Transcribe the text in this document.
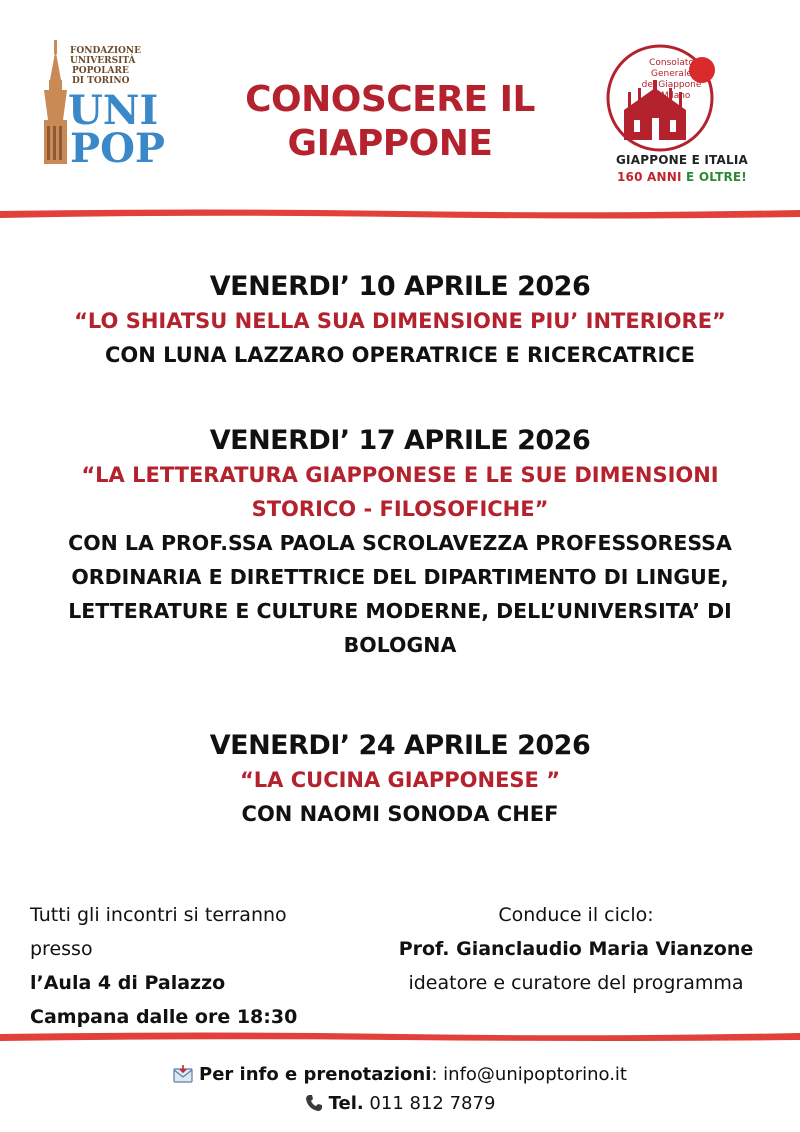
FONDAZIONE
UNIVERSITÀ
POPOLARE
DI TORINO
UNI
POP
CONOSCERE IL
GIAPPONE
Consolato
Generale
del Giappone
a Milano
GIAPPONE E ITALIA
160 ANNI E OLTRE!
VENERDI’ 10 APRILE 2026
“LO SHIATSU NELLA SUA DIMENSIONE PIU’ INTERIORE”
CON LUNA LAZZARO OPERATRICE E RICERCATRICE
VENERDI’ 17 APRILE 2026
“LA LETTERATURA GIAPPONESE E LE SUE DIMENSIONI
STORICO - FILOSOFICHE”
CON LA PROF.SSA PAOLA SCROLAVEZZA PROFESSORESSA
ORDINARIA E DIRETTRICE DEL DIPARTIMENTO DI LINGUE,
LETTERATURE E CULTURE MODERNE, DELL’UNIVERSITA’ DI
BOLOGNA
VENERDI’ 24 APRILE 2026
“LA CUCINA GIAPPONESE ”
CON NAOMI SONODA CHEF
Tutti gli incontri si terranno
presso
l’Aula 4 di Palazzo
Campana dalle ore 18:30
Conduce il ciclo:
Prof. Gianclaudio Maria Vianzone
ideatore e curatore del programma
Per info e prenotazioni: info@unipoptorino.it
Tel. 011 812 7879
